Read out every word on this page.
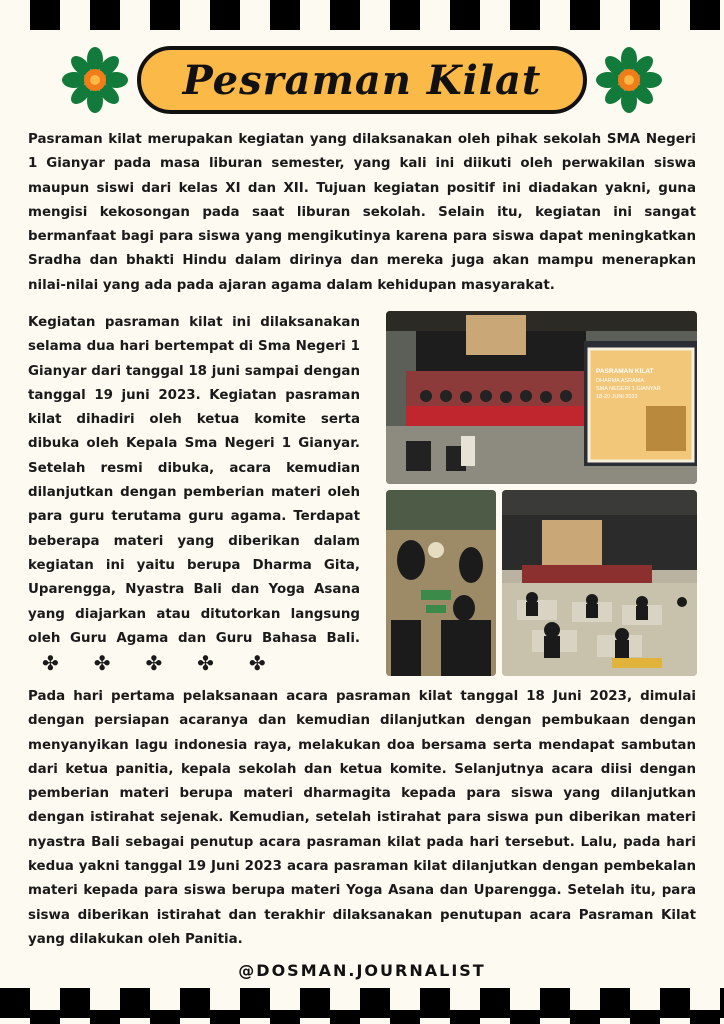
Pesraman Kilat

Pasraman kilat merupakan kegiatan yang dilaksanakan oleh pihak sekolah SMA Negeri 1 Gianyar pada masa liburan semester, yang kali ini diikuti oleh perwakilan siswa maupun siswi dari kelas XI dan XII. Tujuan kegiatan positif ini diadakan yakni, guna mengisi kekosongan pada saat liburan sekolah. Selain itu, kegiatan ini sangat bermanfaat bagi para siswa yang mengikutinya karena para siswa dapat meningkatkan Sradha dan bhakti Hindu dalam dirinya dan mereka juga akan mampu menerapkan nilai-nilai yang ada pada ajaran agama dalam kehidupan masyarakat.

Kegiatan pasraman kilat ini dilaksanakan selama dua hari bertempat di Sma Negeri 1 Gianyar dari tanggal 18 juni sampai dengan tanggal 19 juni 2023. Kegiatan pasraman kilat dihadiri oleh ketua komite serta dibuka oleh Kepala Sma Negeri 1 Gianyar. Setelah resmi dibuka, acara kemudian dilanjutkan dengan pemberian materi oleh para guru terutama guru agama. Terdapat beberapa materi yang diberikan dalam kegiatan ini yaitu berupa Dharma Gita, Uparengga, Nyastra Bali dan Yoga Asana yang diajarkan atau ditutorkan langsung oleh Guru Agama dan Guru Bahasa Bali.✤ ✤ ✤ ✤ ✤

PASRAMAN KILAT
DHARMA ASRAMA
SMA NEGERI 1 GIANYAR
18-20 JUNI 2023

Pada hari pertama pelaksanaan acara pasraman kilat tanggal 18 Juni 2023, dimulai dengan persiapan acaranya dan kemudian dilanjutkan dengan pembukaan dengan menyanyikan lagu indonesia raya, melakukan doa bersama serta mendapat sambutan dari ketua panitia, kepala sekolah dan ketua komite. Selanjutnya acara diisi dengan pemberian materi berupa materi dharmagita kepada para siswa yang dilanjutkan dengan istirahat sejenak. Kemudian, setelah istirahat para siswa pun diberikan materi nyastra Bali sebagai penutup acara pasraman kilat pada hari tersebut. Lalu, pada hari kedua yakni tanggal 19 Juni 2023 acara pasraman kilat dilanjutkan dengan pembekalan materi kepada para siswa berupa materi Yoga Asana dan Uparengga. Setelah itu, para siswa diberikan istirahat dan terakhir dilaksanakan penutupan acara Pasraman Kilat yang dilakukan oleh Panitia.

@DOSMAN.JOURNALIST
